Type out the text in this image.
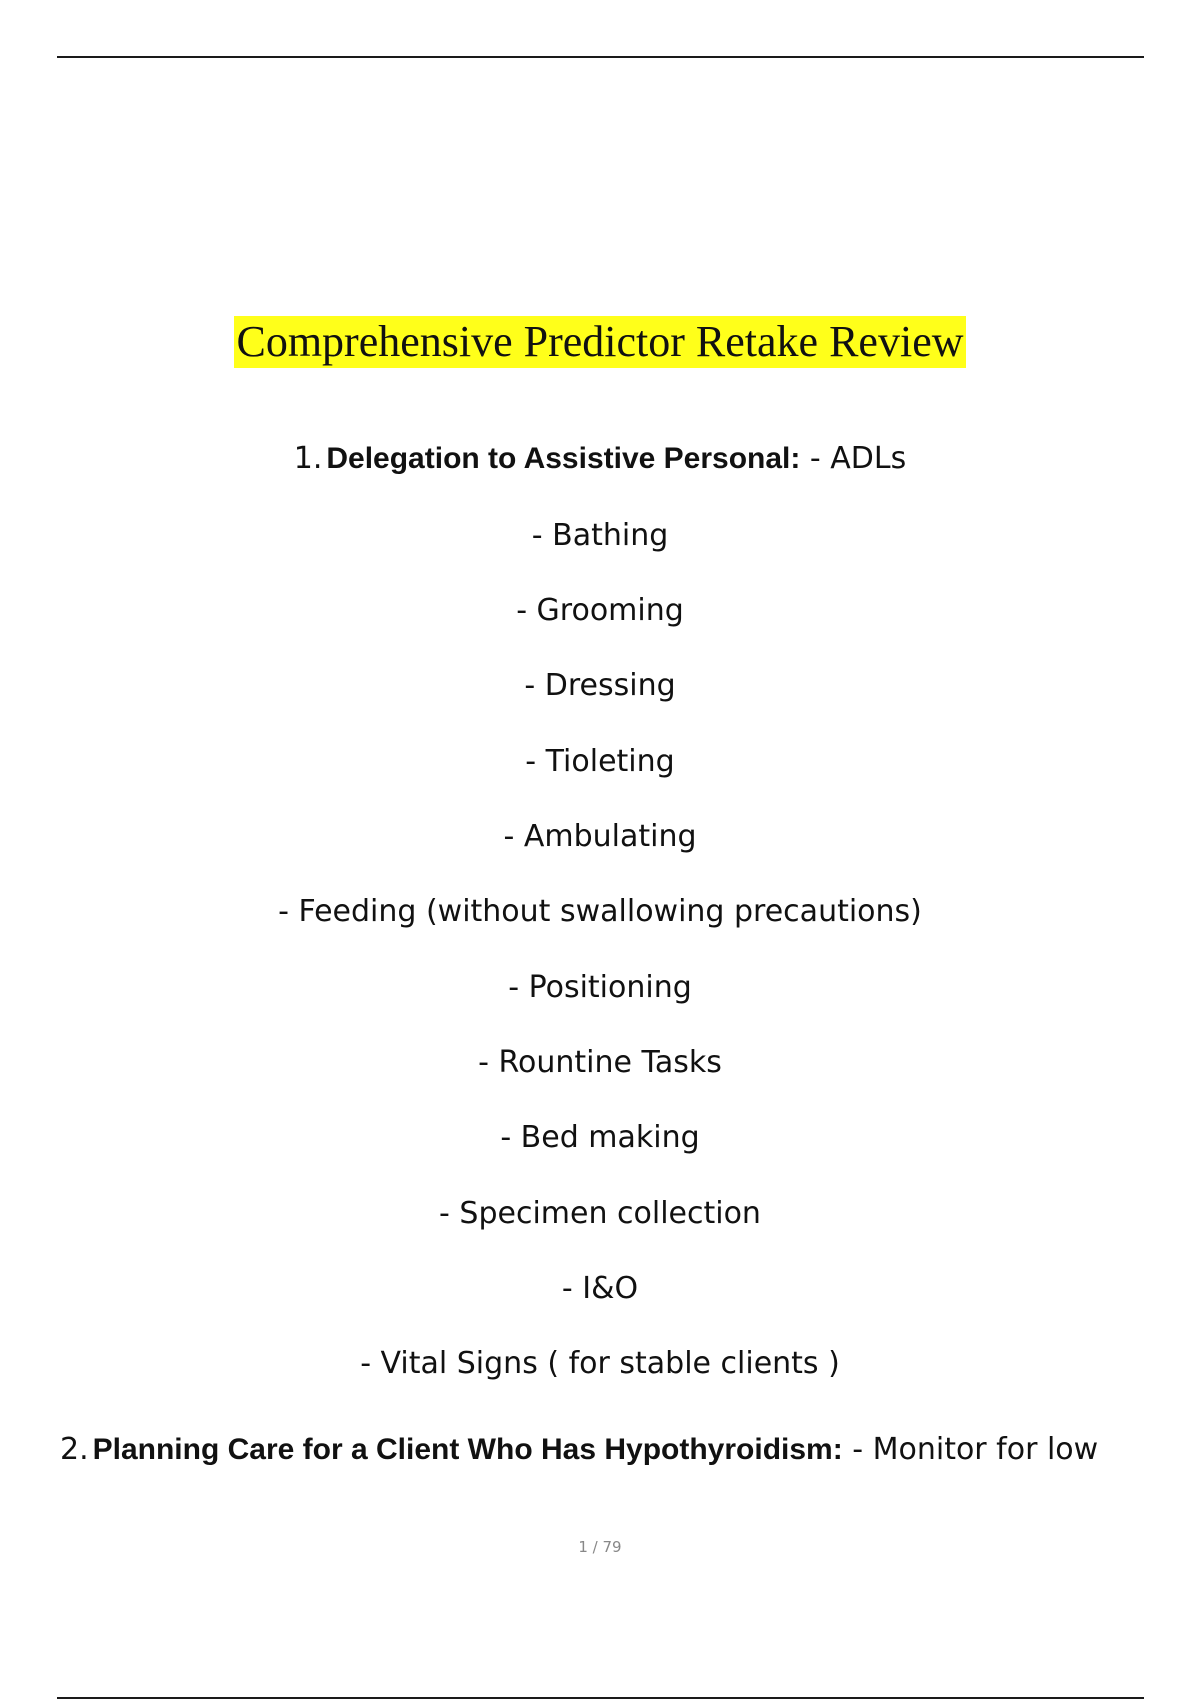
Comprehensive Predictor Retake Review
1. Delegation to Assistive Personal: - ADLs
- Bathing
- Grooming
- Dressing
- Tioleting
- Ambulating
- Feeding (without swallowing precautions)
- Positioning
- Rountine Tasks
- Bed making
- Specimen collection
- I&O
- Vital Signs ( for stable clients )
2. Planning Care for a Client Who Has Hypothyroidism: - Monitor for low
1 / 79
